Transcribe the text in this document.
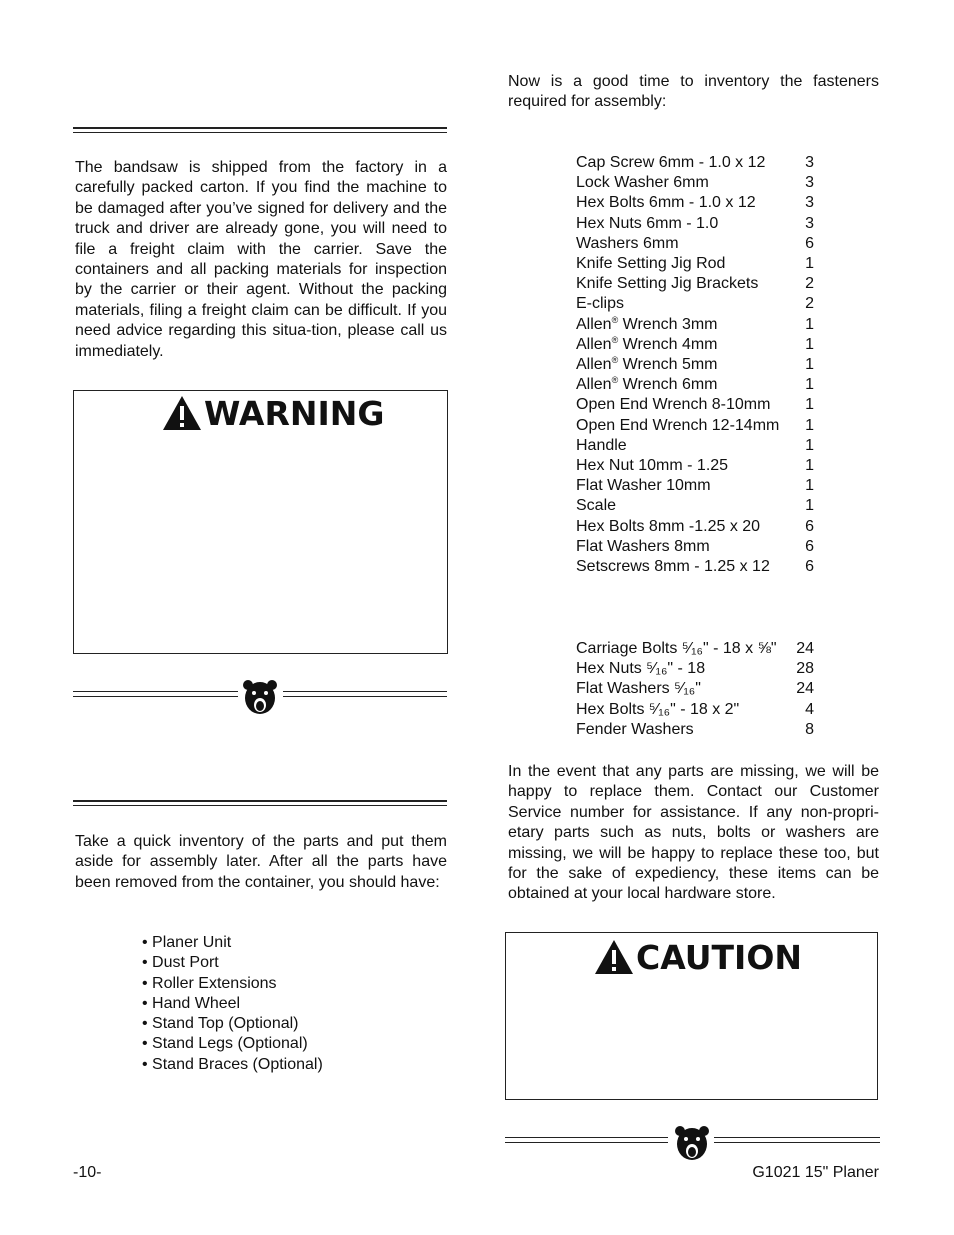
The bandsaw is shipped from the factory in a carefully packed carton. If you find the machine to be damaged after you’ve signed for delivery and the truck and driver are already gone, you will need to file a freight claim with the carrier. Save the containers and all packing materials for inspection by the carrier or their agent. Without the packing materials, filing a freight claim can be difficult. If you need advice regarding this situa-tion, please call us immediately.

WARNING

Take a quick inventory of the parts and put them aside for assembly later. After all the parts have been removed from the container, you should have:

• Planer Unit
• Dust Port
• Roller Extensions
• Hand Wheel
• Stand Top (Optional)
• Stand Legs (Optional)
• Stand Braces (Optional)
-10-

Now is a good time to inventory the fasteners required for assembly:

Cap Screw 6mm - 1.0 x 12	3
Lock Washer 6mm	3
Hex Bolts 6mm - 1.0 x 12	3
Hex Nuts 6mm - 1.0	3
Washers 6mm	6
Knife Setting Jig Rod	1
Knife Setting Jig Brackets	2
E-clips	2
Allen® Wrench 3mm	1
Allen® Wrench 4mm	1
Allen® Wrench 5mm	1
Allen® Wrench 6mm	1
Open End Wrench 8-10mm	1
Open End Wrench 12-14mm	1
Handle	1
Hex Nut 10mm - 1.25	1
Flat Washer 10mm	1
Scale	1
Hex Bolts 8mm -1.25 x 20	6
Flat Washers 8mm	6
Setscrews 8mm - 1.25 x 12	6
Carriage Bolts ⁵⁄₁₆" - 18 x ⅝"	24
Hex Nuts ⁵⁄₁₆" - 18	28
Flat Washers ⁵⁄₁₆"	24
Hex Bolts ⁵⁄₁₆" - 18 x 2"	4
Fender Washers	8

In the event that any parts are missing, we will be happy to replace them. Contact our Customer Service number for assistance. If any non-propri-etary parts such as nuts, bolts or washers are missing, we will be happy to replace these too, but for the sake of expediency, these items can be obtained at your local hardware store.

CAUTION
G1021 15" Planer
